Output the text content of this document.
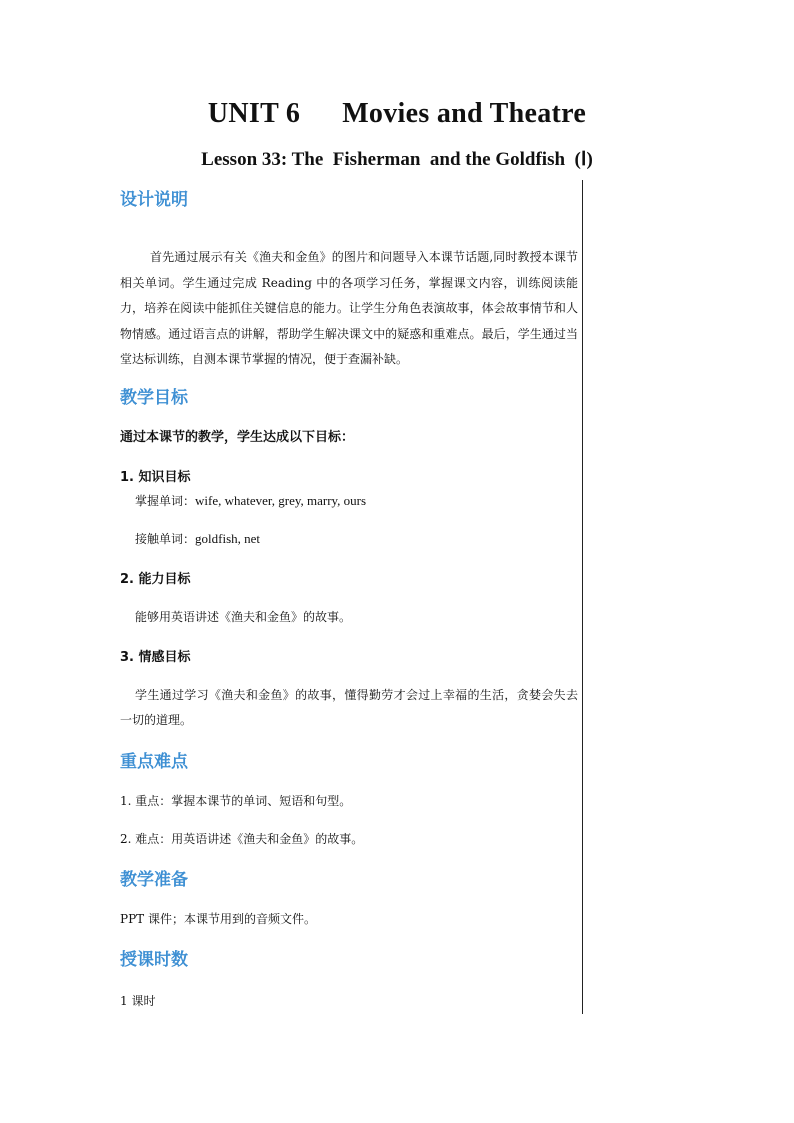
UNIT 6 Movies and Theatre
Lesson 33: The  Fisherman  and the Goldfish  (Ⅰ)
设计说明

首先通过展示有关《渔夫和金鱼》的图片和问题导入本课节话题,同时教授本课节相关单词。学生通过完成 Reading 中的各项学习任务，掌握课文内容，训练阅读能力，培养在阅读中能抓住关键信息的能力。让学生分角色表演故事，体会故事情节和人物情感。通过语言点的讲解，帮助学生解决课文中的疑惑和重难点。最后，学生通过当堂达标训练，自测本课节掌握的情况，便于查漏补缺。

教学目标

通过本课节的教学，学生达成以下目标：

1. 知识目标

掌握单词：wife, whatever, grey, marry, ours

接触单词：goldfish, net

2. 能力目标

能够用英语讲述《渔夫和金鱼》的故事。

3. 情感目标

学生通过学习《渔夫和金鱼》的故事，懂得勤劳才会过上幸福的生活，贪婪会失去一切的道理。

重点难点

1. 重点：掌握本课节的单词、短语和句型。

2. 难点：用英语讲述《渔夫和金鱼》的故事。

教学准备

PPT 课件；本课节用到的音频文件。

授课时数

1 课时
